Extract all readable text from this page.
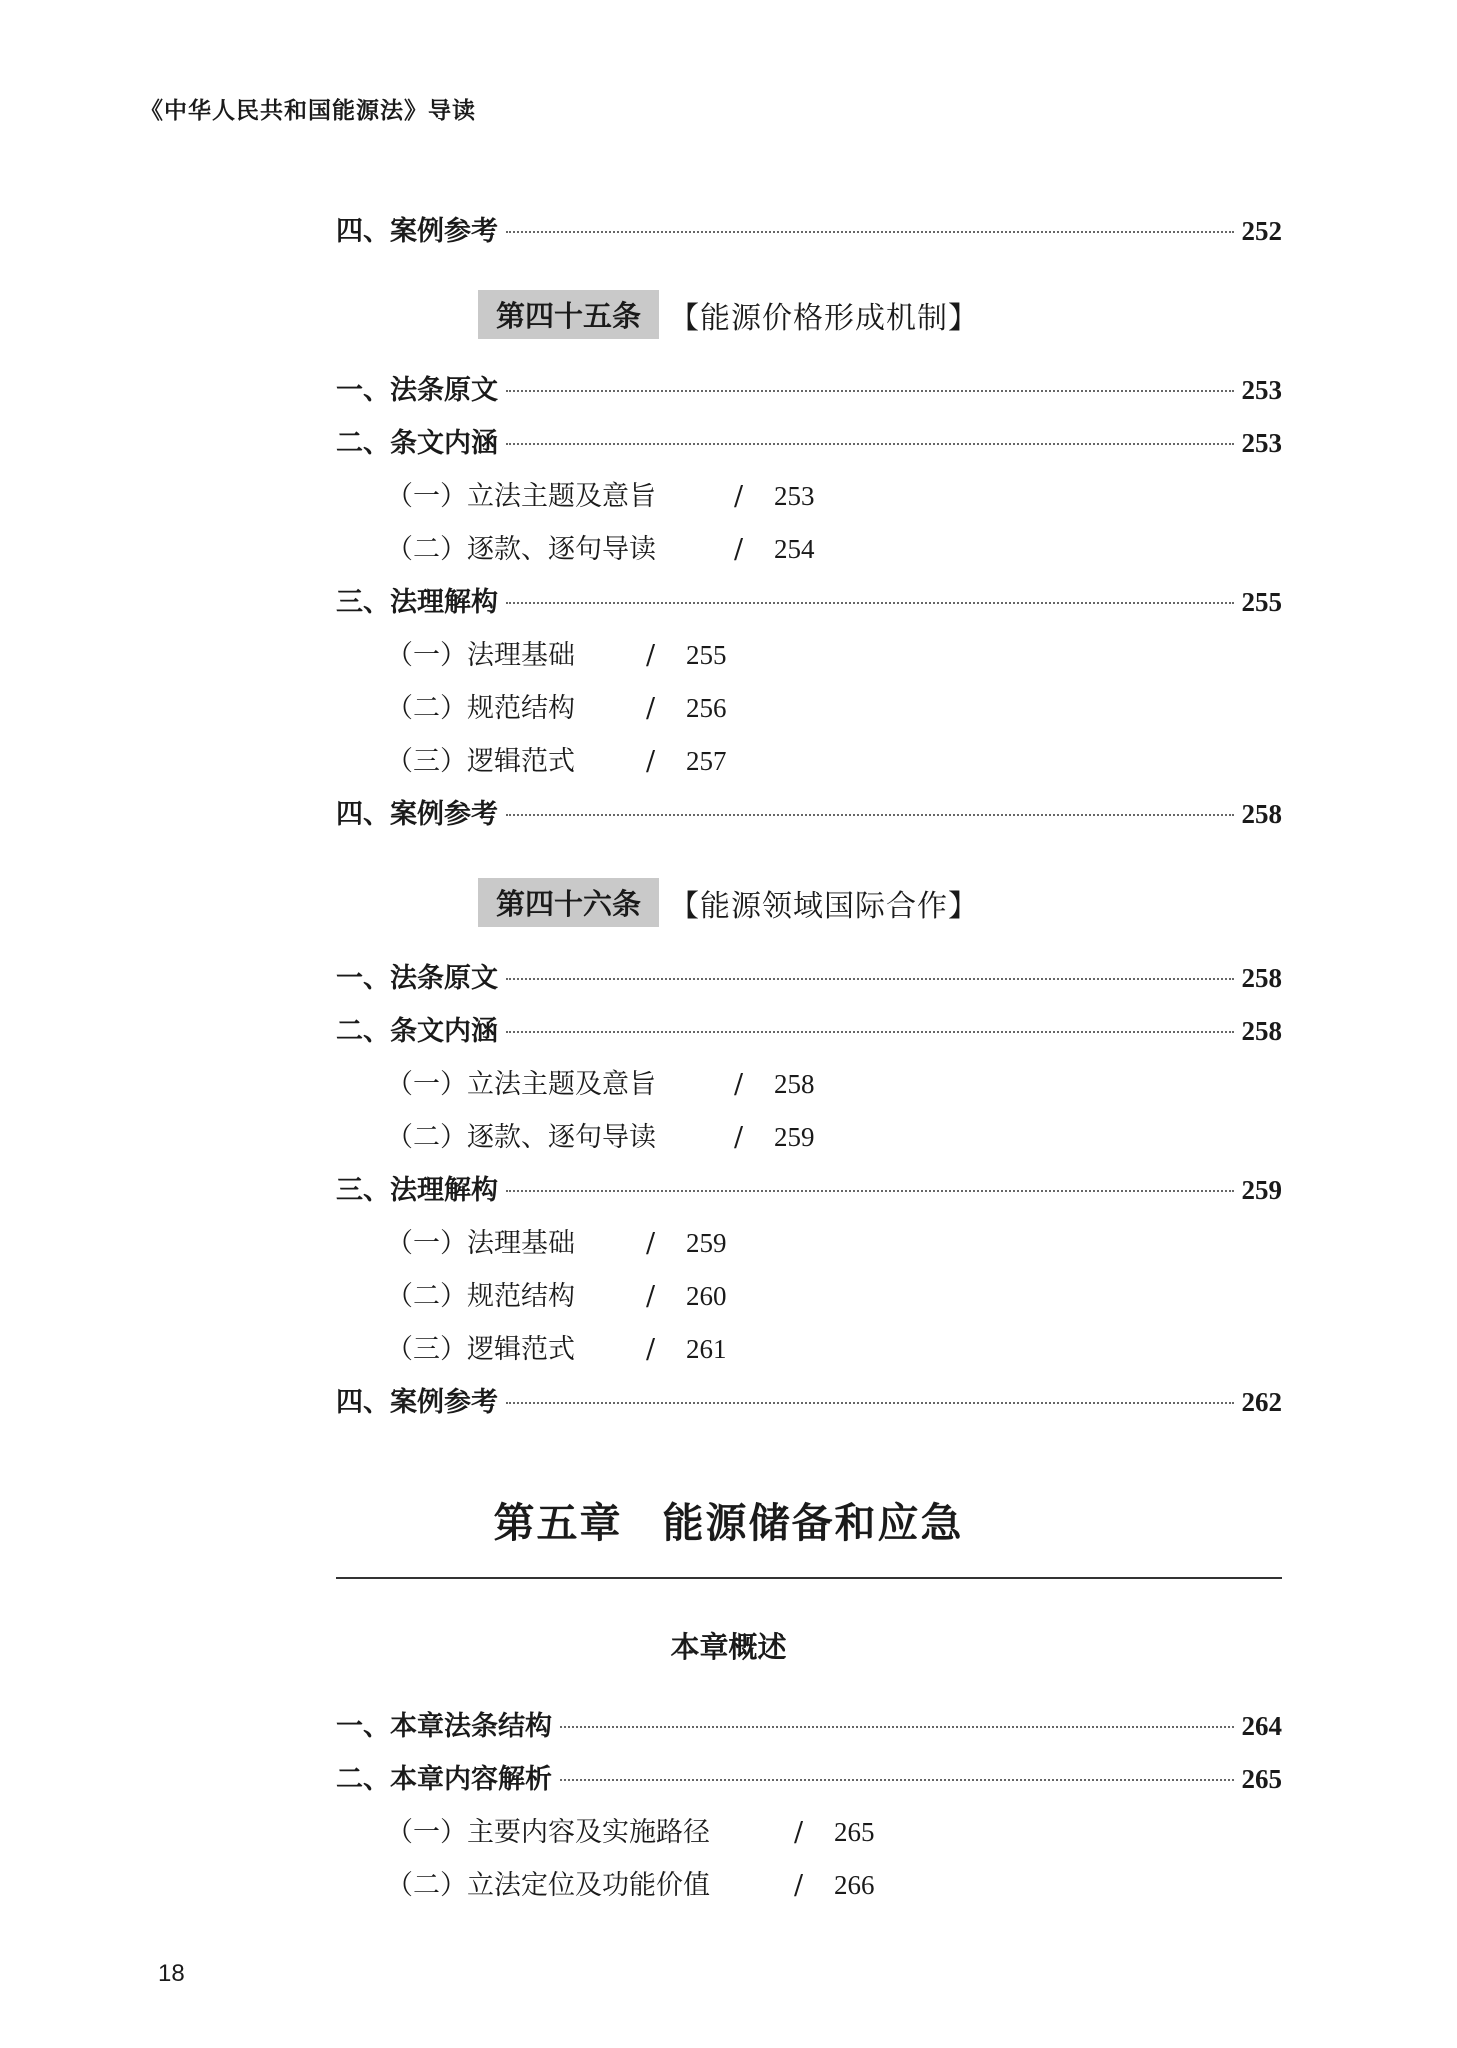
《中华人民共和国能源法》导读
四、案例参考	252
第四十五条 【能源价格形成机制】
一、法条原文	253
二、条文内涵	253
（一）立法主题及意旨	/ 253
（二）逐款、逐句导读	/ 254
三、法理解构	255
（一）法理基础	/ 255
（二）规范结构	/ 256
（三）逻辑范式	/ 257
四、案例参考	258
第四十六条 【能源领域国际合作】
一、法条原文	258
二、条文内涵	258
（一）立法主题及意旨	/ 258
（二）逐款、逐句导读	/ 259
三、法理解构	259
（一）法理基础	/ 259
（二）规范结构	/ 260
（三）逻辑范式	/ 261
四、案例参考	262
第五章 能源储备和应急
本章概述
一、本章法条结构	264
二、本章内容解析	265
（一）主要内容及实施路径	/ 265
（二）立法定位及功能价值	/ 266
18
